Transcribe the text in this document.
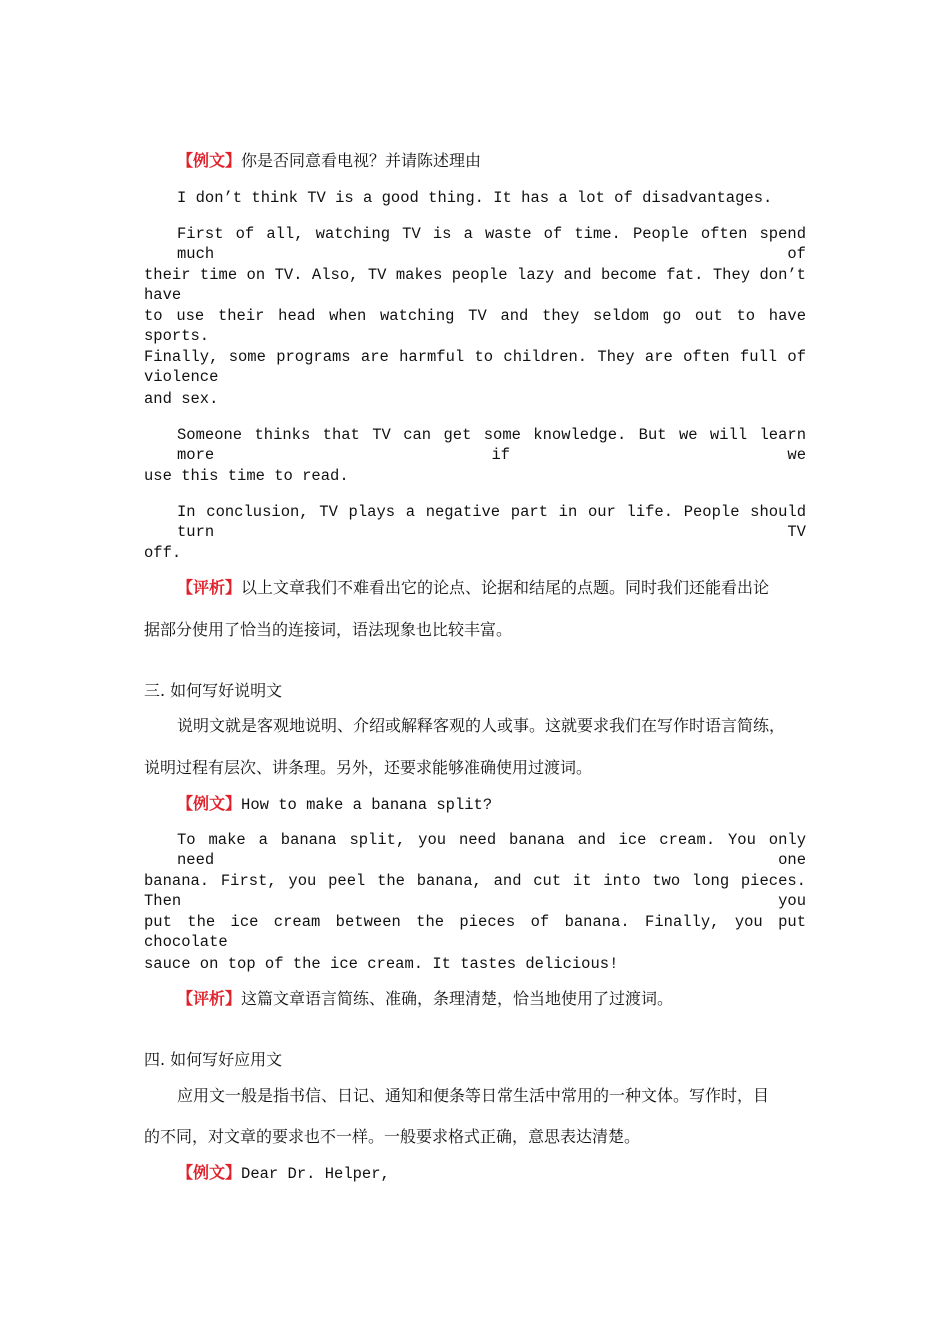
【例文】你是否同意看电视？并请陈述理由
I don’t think TV is a good thing. It has a lot of disadvantages.
First of all, watching TV is a waste of time. People often spend much of
their time on TV. Also, TV makes people lazy and become fat. They don’t have
to use their head when watching TV and they seldom go out to have sports.
Finally, some programs are harmful to children. They are often full of violence
and sex.
Someone thinks that TV can get some knowledge. But we will learn more if we
use this time to read.
In conclusion, TV plays a negative part in our life. People should turn TV
off.
【评析】以上文章我们不难看出它的论点、论据和结尾的点题。同时我们还能看出论
据部分使用了恰当的连接词，语法现象也比较丰富。
三. 如何写好说明文
说明文就是客观地说明、介绍或解释客观的人或事。这就要求我们在写作时语言简练，
说明过程有层次、讲条理。另外，还要求能够准确使用过渡词。
【例文】How to make a banana split?
To make a banana split, you need banana and ice cream. You only need one
banana. First, you peel the banana, and cut it into two long pieces. Then you
put the ice cream between the pieces of banana. Finally, you put chocolate
sauce on top of the ice cream. It tastes delicious!
【评析】这篇文章语言简练、准确，条理清楚，恰当地使用了过渡词。
四. 如何写好应用文
应用文一般是指书信、日记、通知和便条等日常生活中常用的一种文体。写作时，目
的不同，对文章的要求也不一样。一般要求格式正确，意思表达清楚。
【例文】Dear Dr. Helper,
